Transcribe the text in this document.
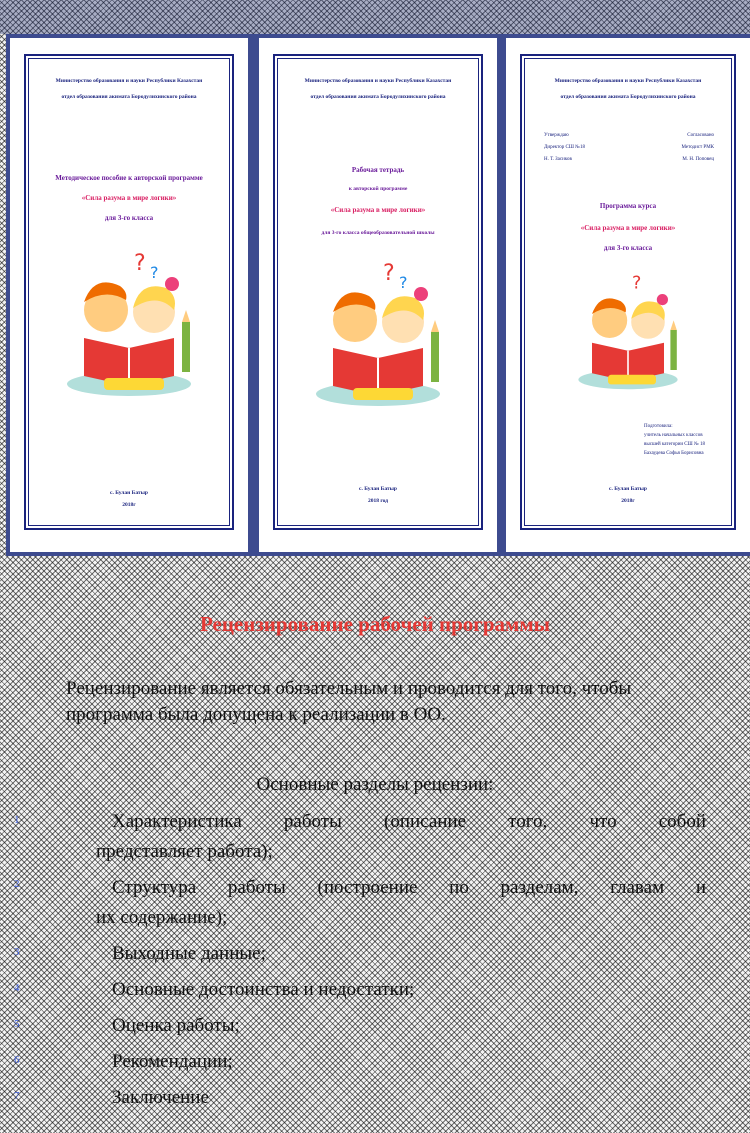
Министерство образования и науки Республики Казахстан
отдел образования акимата Бородулихинского района
Методическое пособие к авторской программе
«Сила разума в мире логики»
для 3-го класса
? ?
с. Булан Батыр
2018г
Министерство образования и науки Республики Казахстан
отдел образования акимата Бородулихинского района
Рабочая тетрадь
к авторской программе
«Сила разума в мире логики»
для 3-го класса общеобразовательной школы
? ?
с. Булан Батыр
2018 год
Министерство образования и науки Республики Казахстан
отдел образования акимата Бородулихинского района
Утверждаю
Директор СШ №18
Н. Т. Засиков
Согласовано
Методист РМК
М. Н. Поповец
Программа курса
«Сила разума в мире логики»
для 3-го класса
?
Подготовила:
учитель начальных классов
высшей категории СШ № 18
Бахаудева Софья Борисовна
с. Булан Батыр
2018г
Рецензирование рабочей программы
Рецензирование является обязательным и проводится для того, чтобы программа была допущена к реализации в ОО.
Основные разделы рецензии:
1	Характеристика работы (описание того, что собой
представляет работа);
2	Структура работы (построение по разделам, главам и
их содержание);
3	Выходные данные;
4	Основные достоинства и недостатки;
5	Оценка работы;
6	Рекомендации;
7	Заключение
